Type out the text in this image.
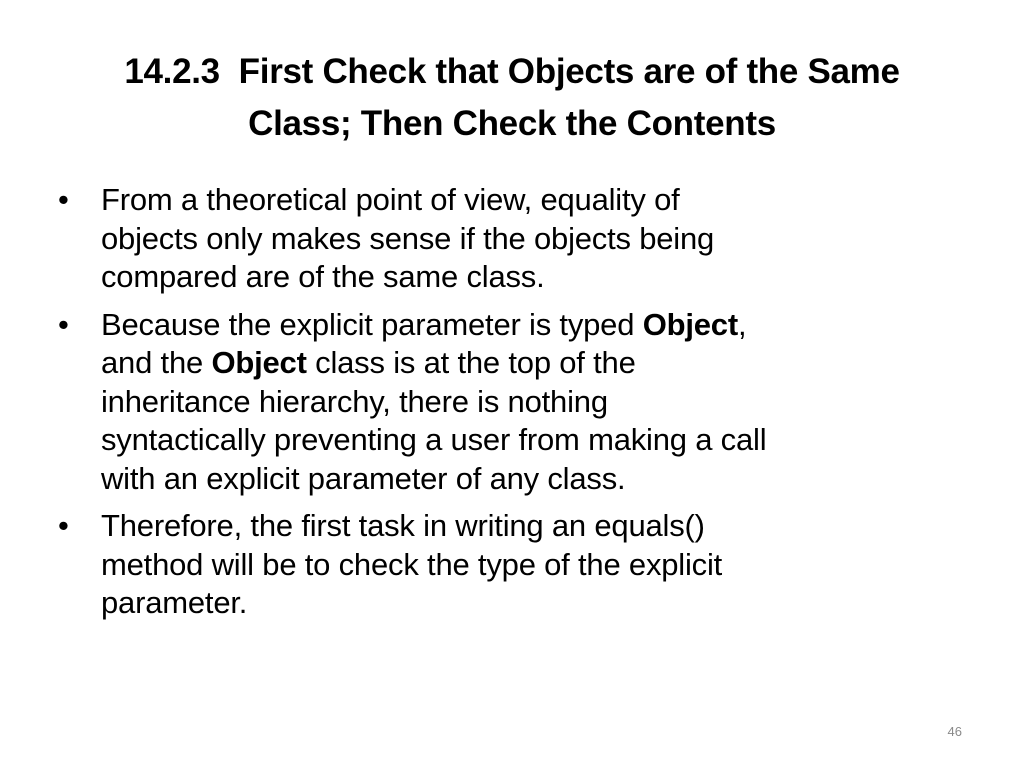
14.2.3  First Check that Objects are of the Same
Class; Then Check the Contents
•	From a theoretical point of view, equality of
objects only makes sense if the objects being
compared are of the same class.
•	Because the explicit parameter is typed Object,
and the Object class is at the top of the
inheritance hierarchy, there is nothing
syntactically preventing a user from making a call
with an explicit parameter of any class.
•	Therefore, the first task in writing an equals()
method will be to check the type of the explicit
parameter.
46
